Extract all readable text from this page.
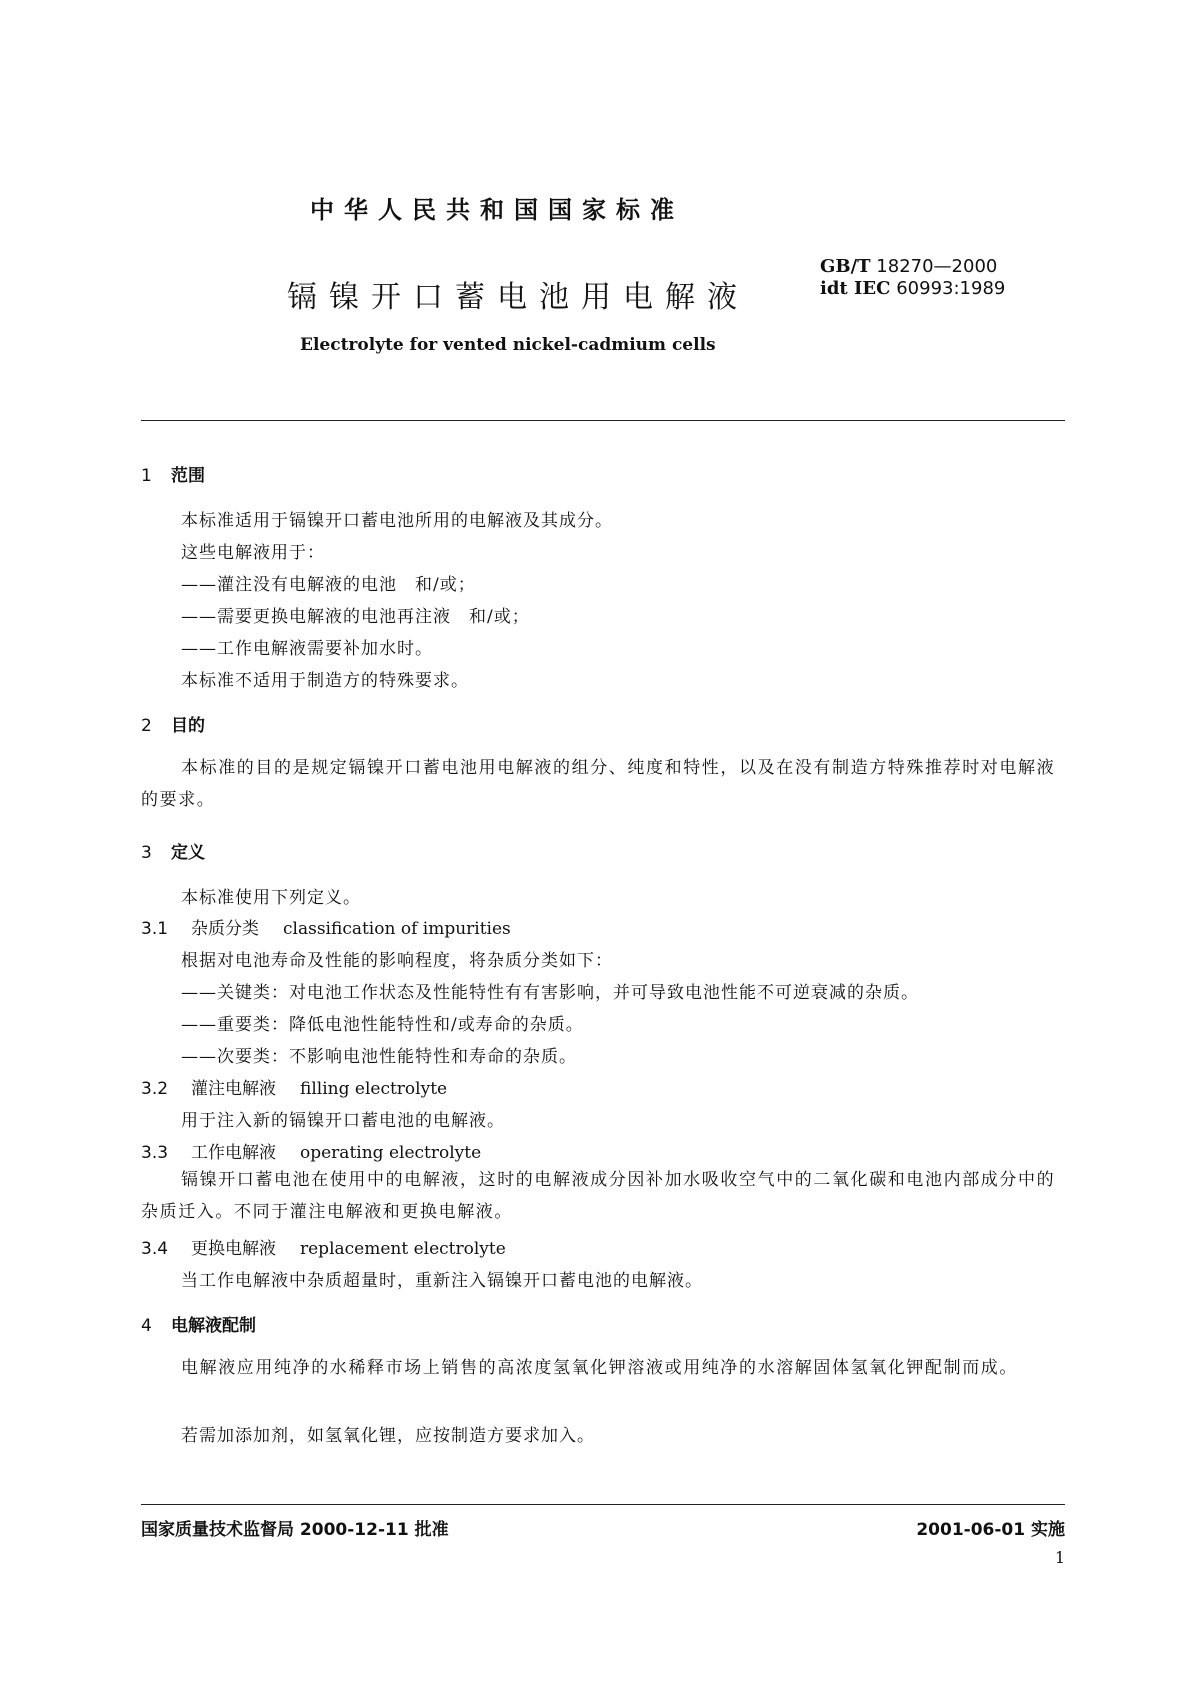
中华人民共和国国家标准
镉镍开口蓄电池用电解液
Electrolyte for vented nickel-cadmium cells
GB/T 18270—2000
idt IEC 60993:1989
1 范围
本标准适用于镉镍开口蓄电池所用的电解液及其成分。
这些电解液用于：
——灌注没有电解液的电池　和/或；
——需要更换电解液的电池再注液　和/或；
——工作电解液需要补加水时。
本标准不适用于制造方的特殊要求。
2 目的
本标准的目的是规定镉镍开口蓄电池用电解液的组分、纯度和特性，以及在没有制造方特殊推荐时对电解液的要求。
3 定义
本标准使用下列定义。
3.1 杂质分类 classification of impurities
根据对电池寿命及性能的影响程度，将杂质分类如下：
——关键类：对电池工作状态及性能特性有有害影响，并可导致电池性能不可逆衰减的杂质。
——重要类：降低电池性能特性和/或寿命的杂质。
——次要类：不影响电池性能特性和寿命的杂质。
3.2 灌注电解液 filling electrolyte
用于注入新的镉镍开口蓄电池的电解液。
3.3 工作电解液 operating electrolyte
镉镍开口蓄电池在使用中的电解液，这时的电解液成分因补加水吸收空气中的二氧化碳和电池内部成分中的杂质迁入。不同于灌注电解液和更换电解液。
3.4 更换电解液 replacement electrolyte
当工作电解液中杂质超量时，重新注入镉镍开口蓄电池的电解液。
4 电解液配制
电解液应用纯净的水稀释市场上销售的高浓度氢氧化钾溶液或用纯净的水溶解固体氢氧化钾配制而成。
若需加添加剂，如氢氧化锂，应按制造方要求加入。
国家质量技术监督局 2000-12-11 批准	2001-06-01 实施
1
